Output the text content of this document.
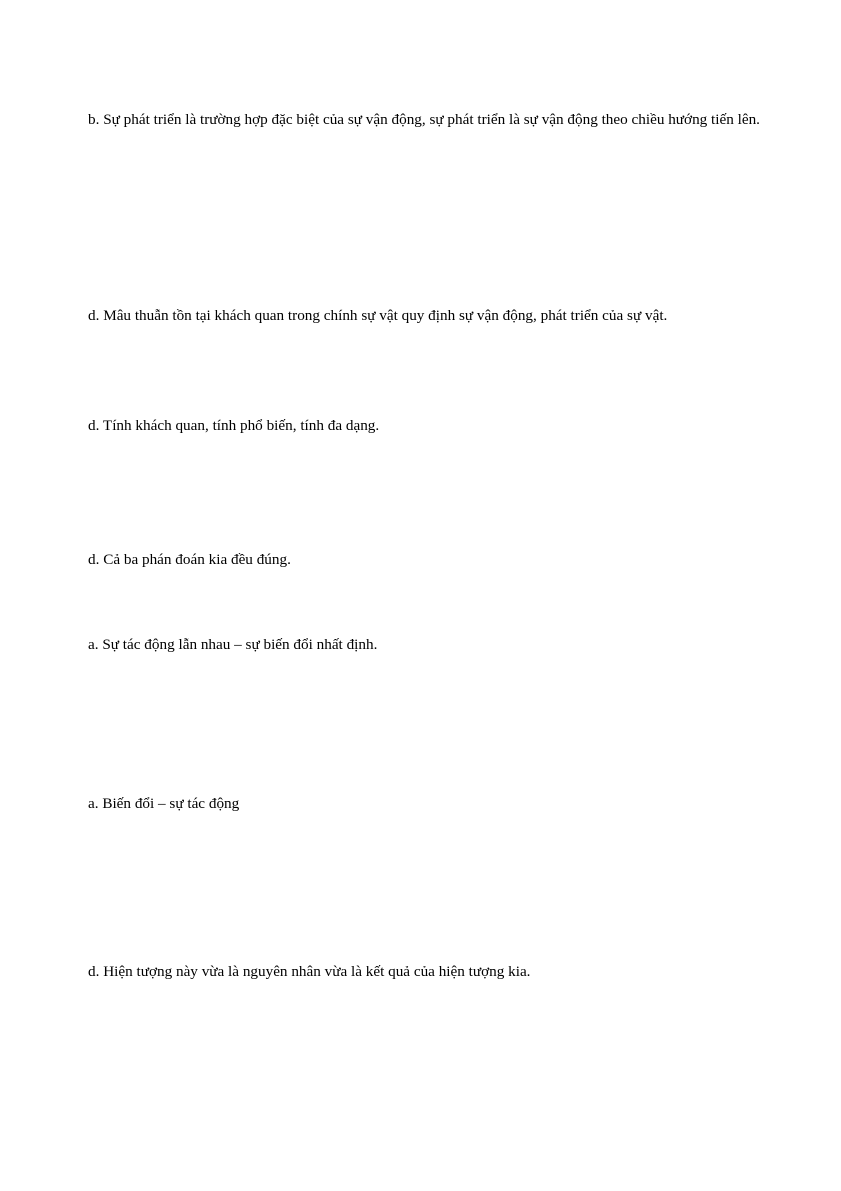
b. Sự phát triển là trường hợp đặc biệt của sự vận động, sự phát triển là sự vận động theo chiều hướng tiến lên.

d. Mâu thuẫn tồn tại khách quan trong chính sự vật quy định sự vận động, phát triển của sự vật.

d. Tính khách quan, tính phổ biến, tính đa dạng.

d. Cả ba phán đoán kia đều đúng.

a. Sự tác động lẫn nhau – sự biến đổi nhất định.

a. Biến đổi – sự tác động

d. Hiện tượng này vừa là nguyên nhân vừa là kết quả của hiện tượng kia.
